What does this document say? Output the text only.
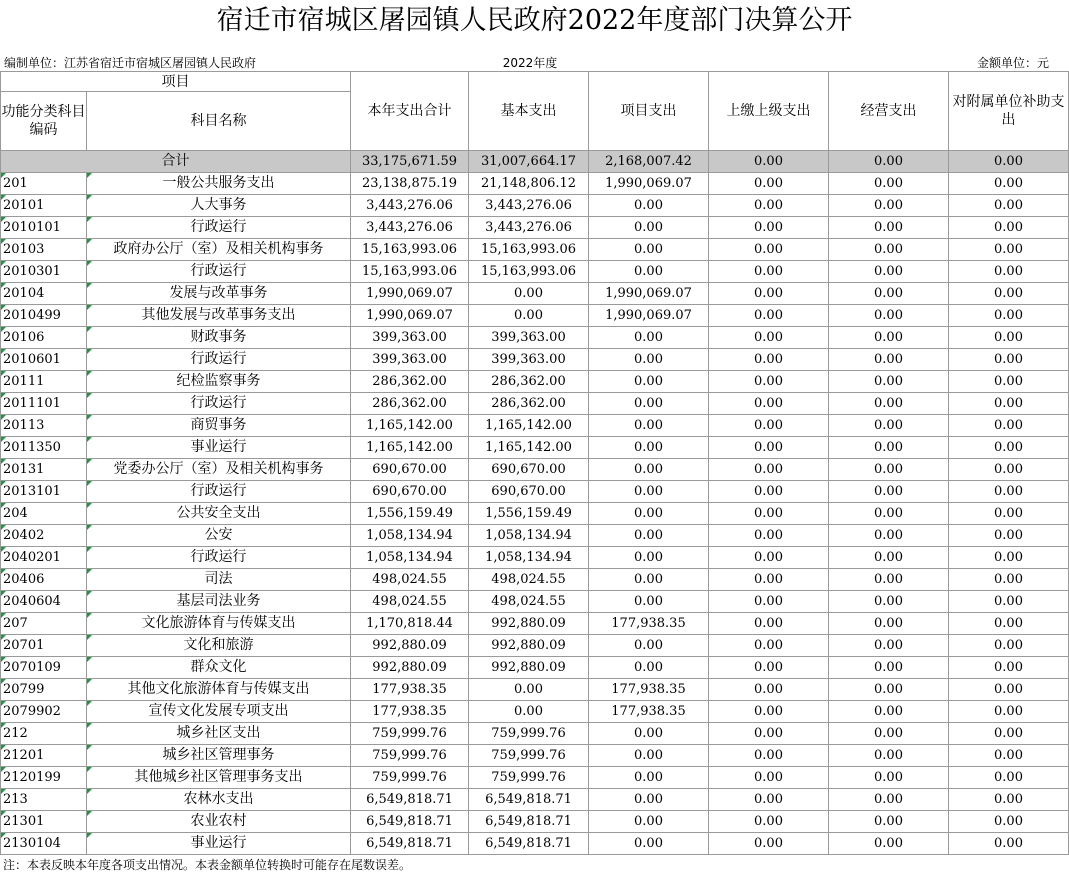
宿迁市宿城区屠园镇人民政府2022年度部门决算公开
编制单位：江苏省宿迁市宿城区屠园镇人民政府	2022年度	金额单位：元
项目		本年支出合计	基本支出	项目支出	上缴上级支出	经营支出	对附属单位补助支出
功能分类科目编码	科目名称						
合计		33,175,671.59	31,007,664.17	2,168,007.42	0.00	0.00	0.00
201	一般公共服务支出	23,138,875.19	21,148,806.12	1,990,069.07	0.00	0.00	0.00
20101	人大事务	3,443,276.06	3,443,276.06	0.00	0.00	0.00	0.00
2010101	行政运行	3,443,276.06	3,443,276.06	0.00	0.00	0.00	0.00
20103	政府办公厅（室）及相关机构事务	15,163,993.06	15,163,993.06	0.00	0.00	0.00	0.00
2010301	行政运行	15,163,993.06	15,163,993.06	0.00	0.00	0.00	0.00
20104	发展与改革事务	1,990,069.07	0.00	1,990,069.07	0.00	0.00	0.00
2010499	其他发展与改革事务支出	1,990,069.07	0.00	1,990,069.07	0.00	0.00	0.00
20106	财政事务	399,363.00	399,363.00	0.00	0.00	0.00	0.00
2010601	行政运行	399,363.00	399,363.00	0.00	0.00	0.00	0.00
20111	纪检监察事务	286,362.00	286,362.00	0.00	0.00	0.00	0.00
2011101	行政运行	286,362.00	286,362.00	0.00	0.00	0.00	0.00
20113	商贸事务	1,165,142.00	1,165,142.00	0.00	0.00	0.00	0.00
2011350	事业运行	1,165,142.00	1,165,142.00	0.00	0.00	0.00	0.00
20131	党委办公厅（室）及相关机构事务	690,670.00	690,670.00	0.00	0.00	0.00	0.00
2013101	行政运行	690,670.00	690,670.00	0.00	0.00	0.00	0.00
204	公共安全支出	1,556,159.49	1,556,159.49	0.00	0.00	0.00	0.00
20402	公安	1,058,134.94	1,058,134.94	0.00	0.00	0.00	0.00
2040201	行政运行	1,058,134.94	1,058,134.94	0.00	0.00	0.00	0.00
20406	司法	498,024.55	498,024.55	0.00	0.00	0.00	0.00
2040604	基层司法业务	498,024.55	498,024.55	0.00	0.00	0.00	0.00
207	文化旅游体育与传媒支出	1,170,818.44	992,880.09	177,938.35	0.00	0.00	0.00
20701	文化和旅游	992,880.09	992,880.09	0.00	0.00	0.00	0.00
2070109	群众文化	992,880.09	992,880.09	0.00	0.00	0.00	0.00
20799	其他文化旅游体育与传媒支出	177,938.35	0.00	177,938.35	0.00	0.00	0.00
2079902	宣传文化发展专项支出	177,938.35	0.00	177,938.35	0.00	0.00	0.00
212	城乡社区支出	759,999.76	759,999.76	0.00	0.00	0.00	0.00
21201	城乡社区管理事务	759,999.76	759,999.76	0.00	0.00	0.00	0.00
2120199	其他城乡社区管理事务支出	759,999.76	759,999.76	0.00	0.00	0.00	0.00
213	农林水支出	6,549,818.71	6,549,818.71	0.00	0.00	0.00	0.00
21301	农业农村	6,549,818.71	6,549,818.71	0.00	0.00	0.00	0.00
2130104	事业运行	6,549,818.71	6,549,818.71	0.00	0.00	0.00	0.00
注：本表反映本年度各项支出情况。本表金额单位转换时可能存在尾数误差。
